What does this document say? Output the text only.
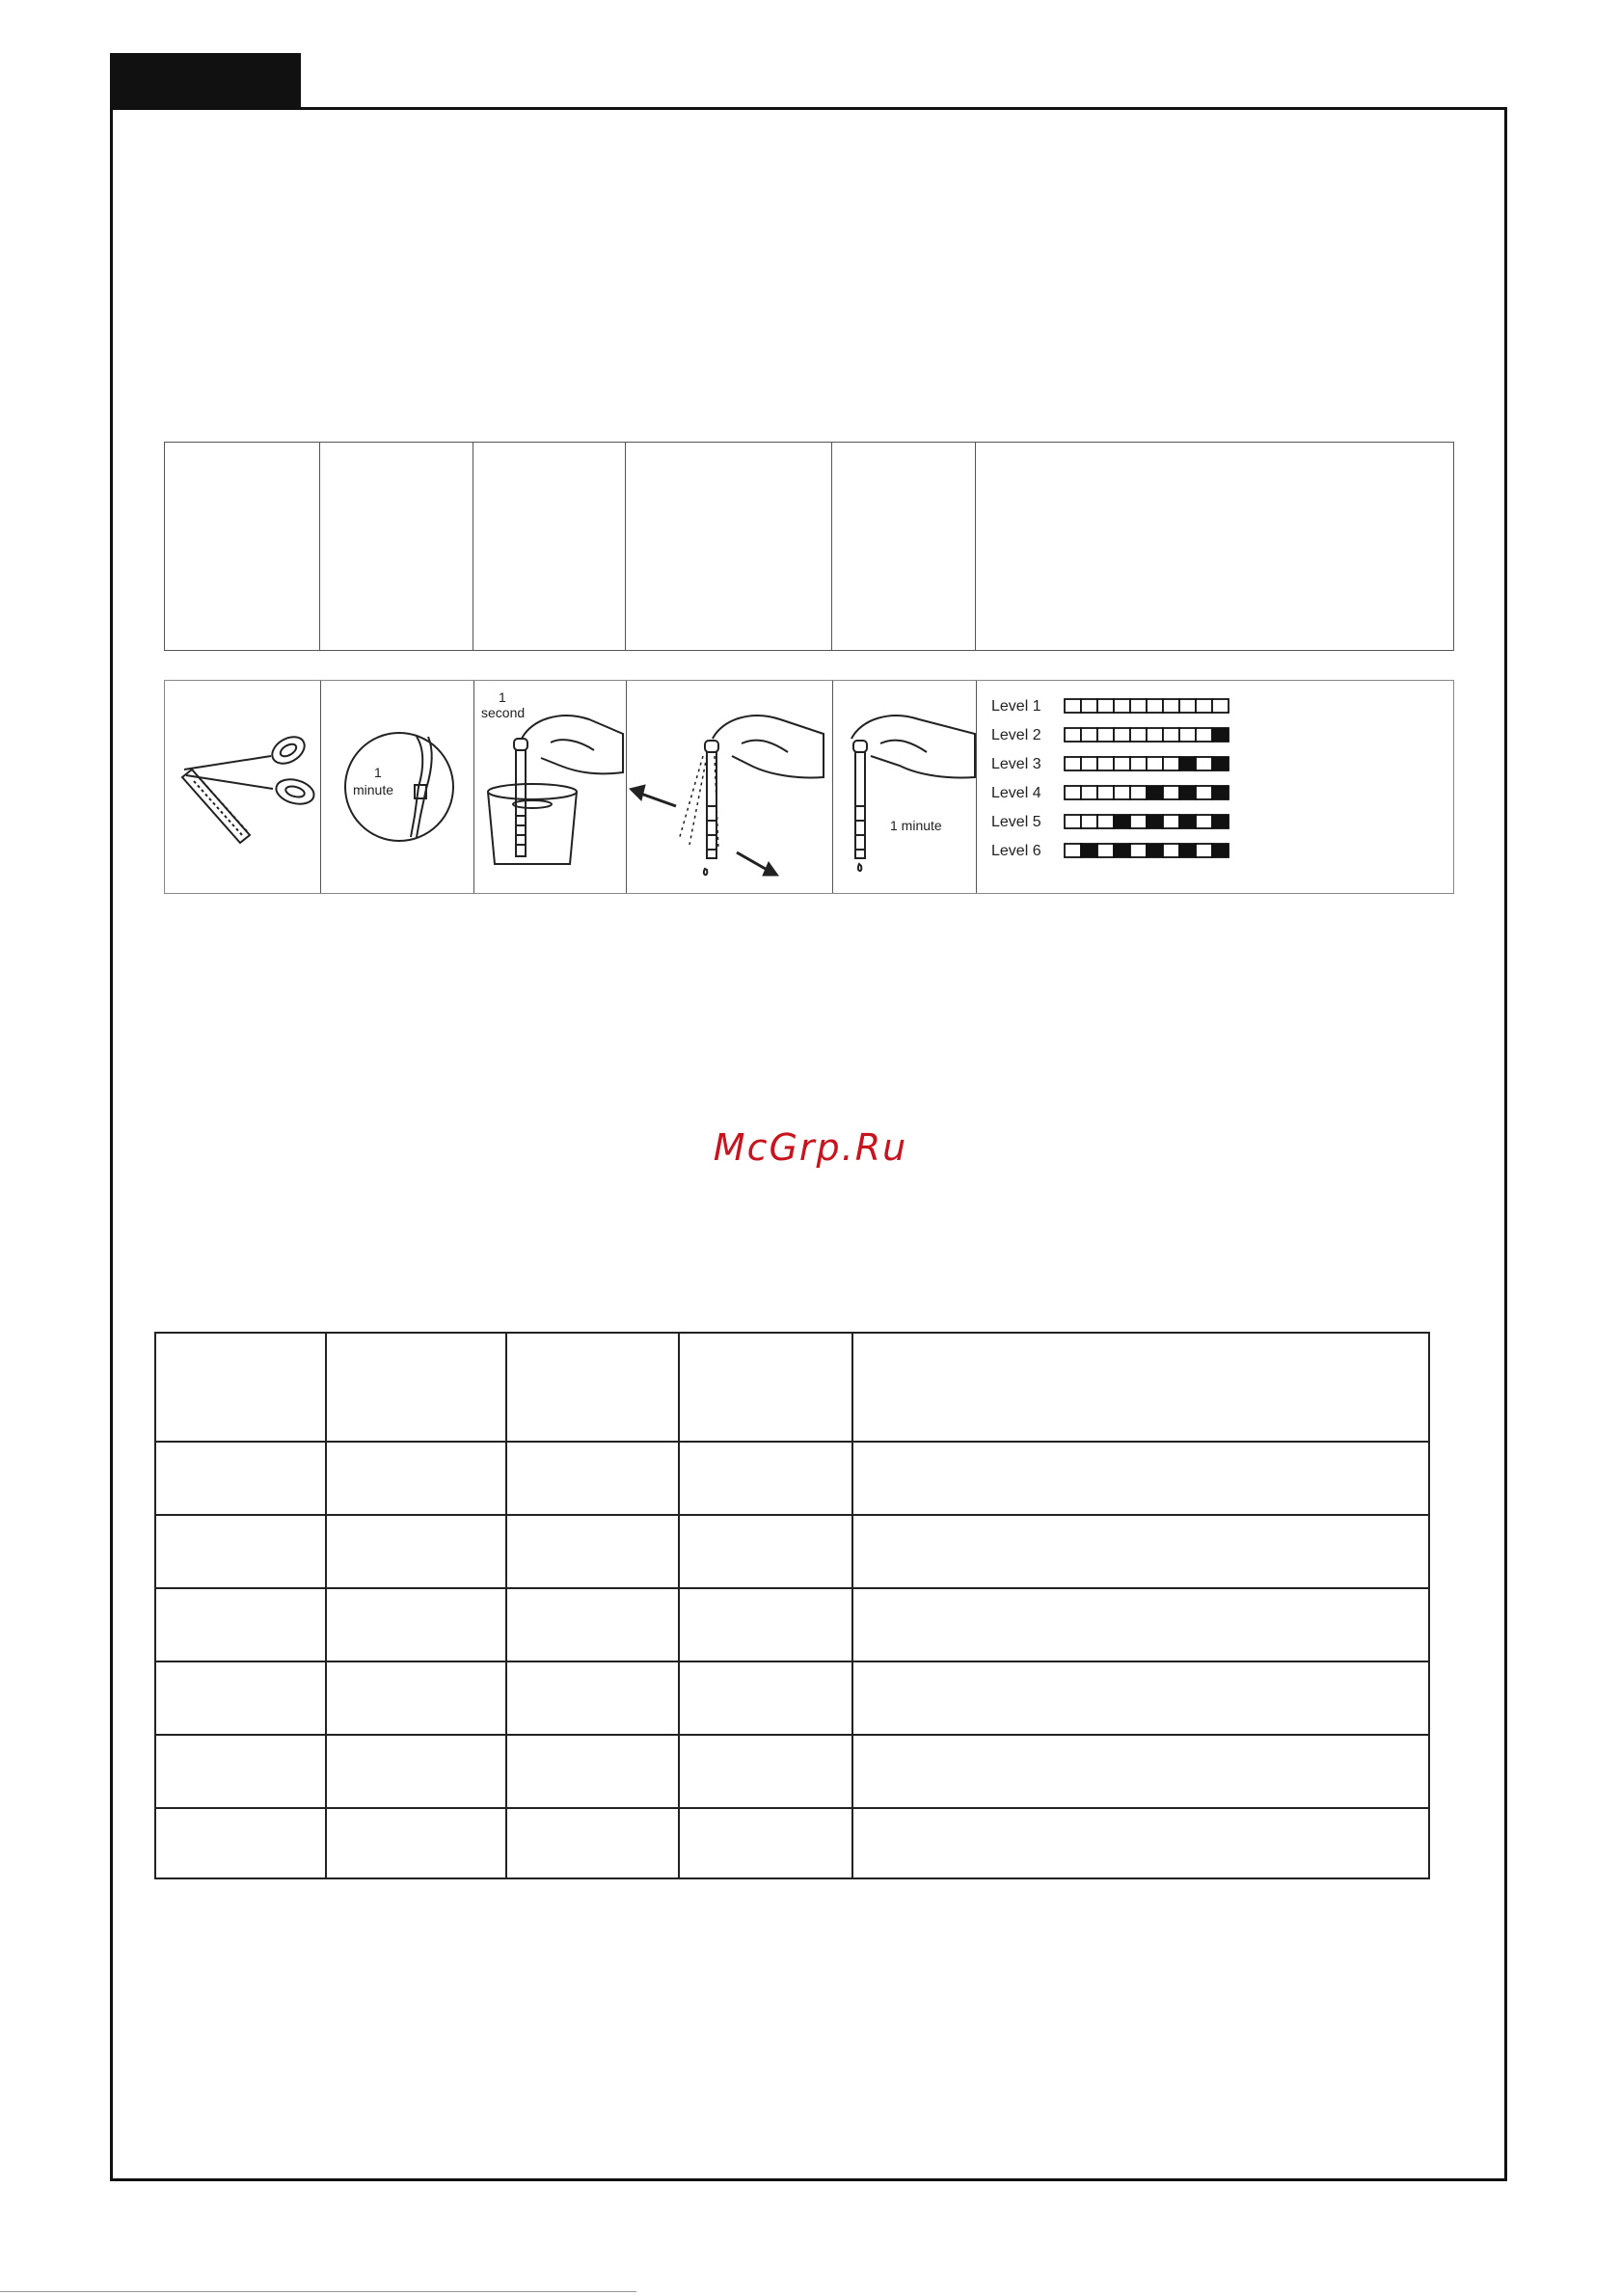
1
minute
1
second
1 minute
Level 1
Level 2
Level 3
Level 4
Level 5
Level 6
McGrp.Ru
